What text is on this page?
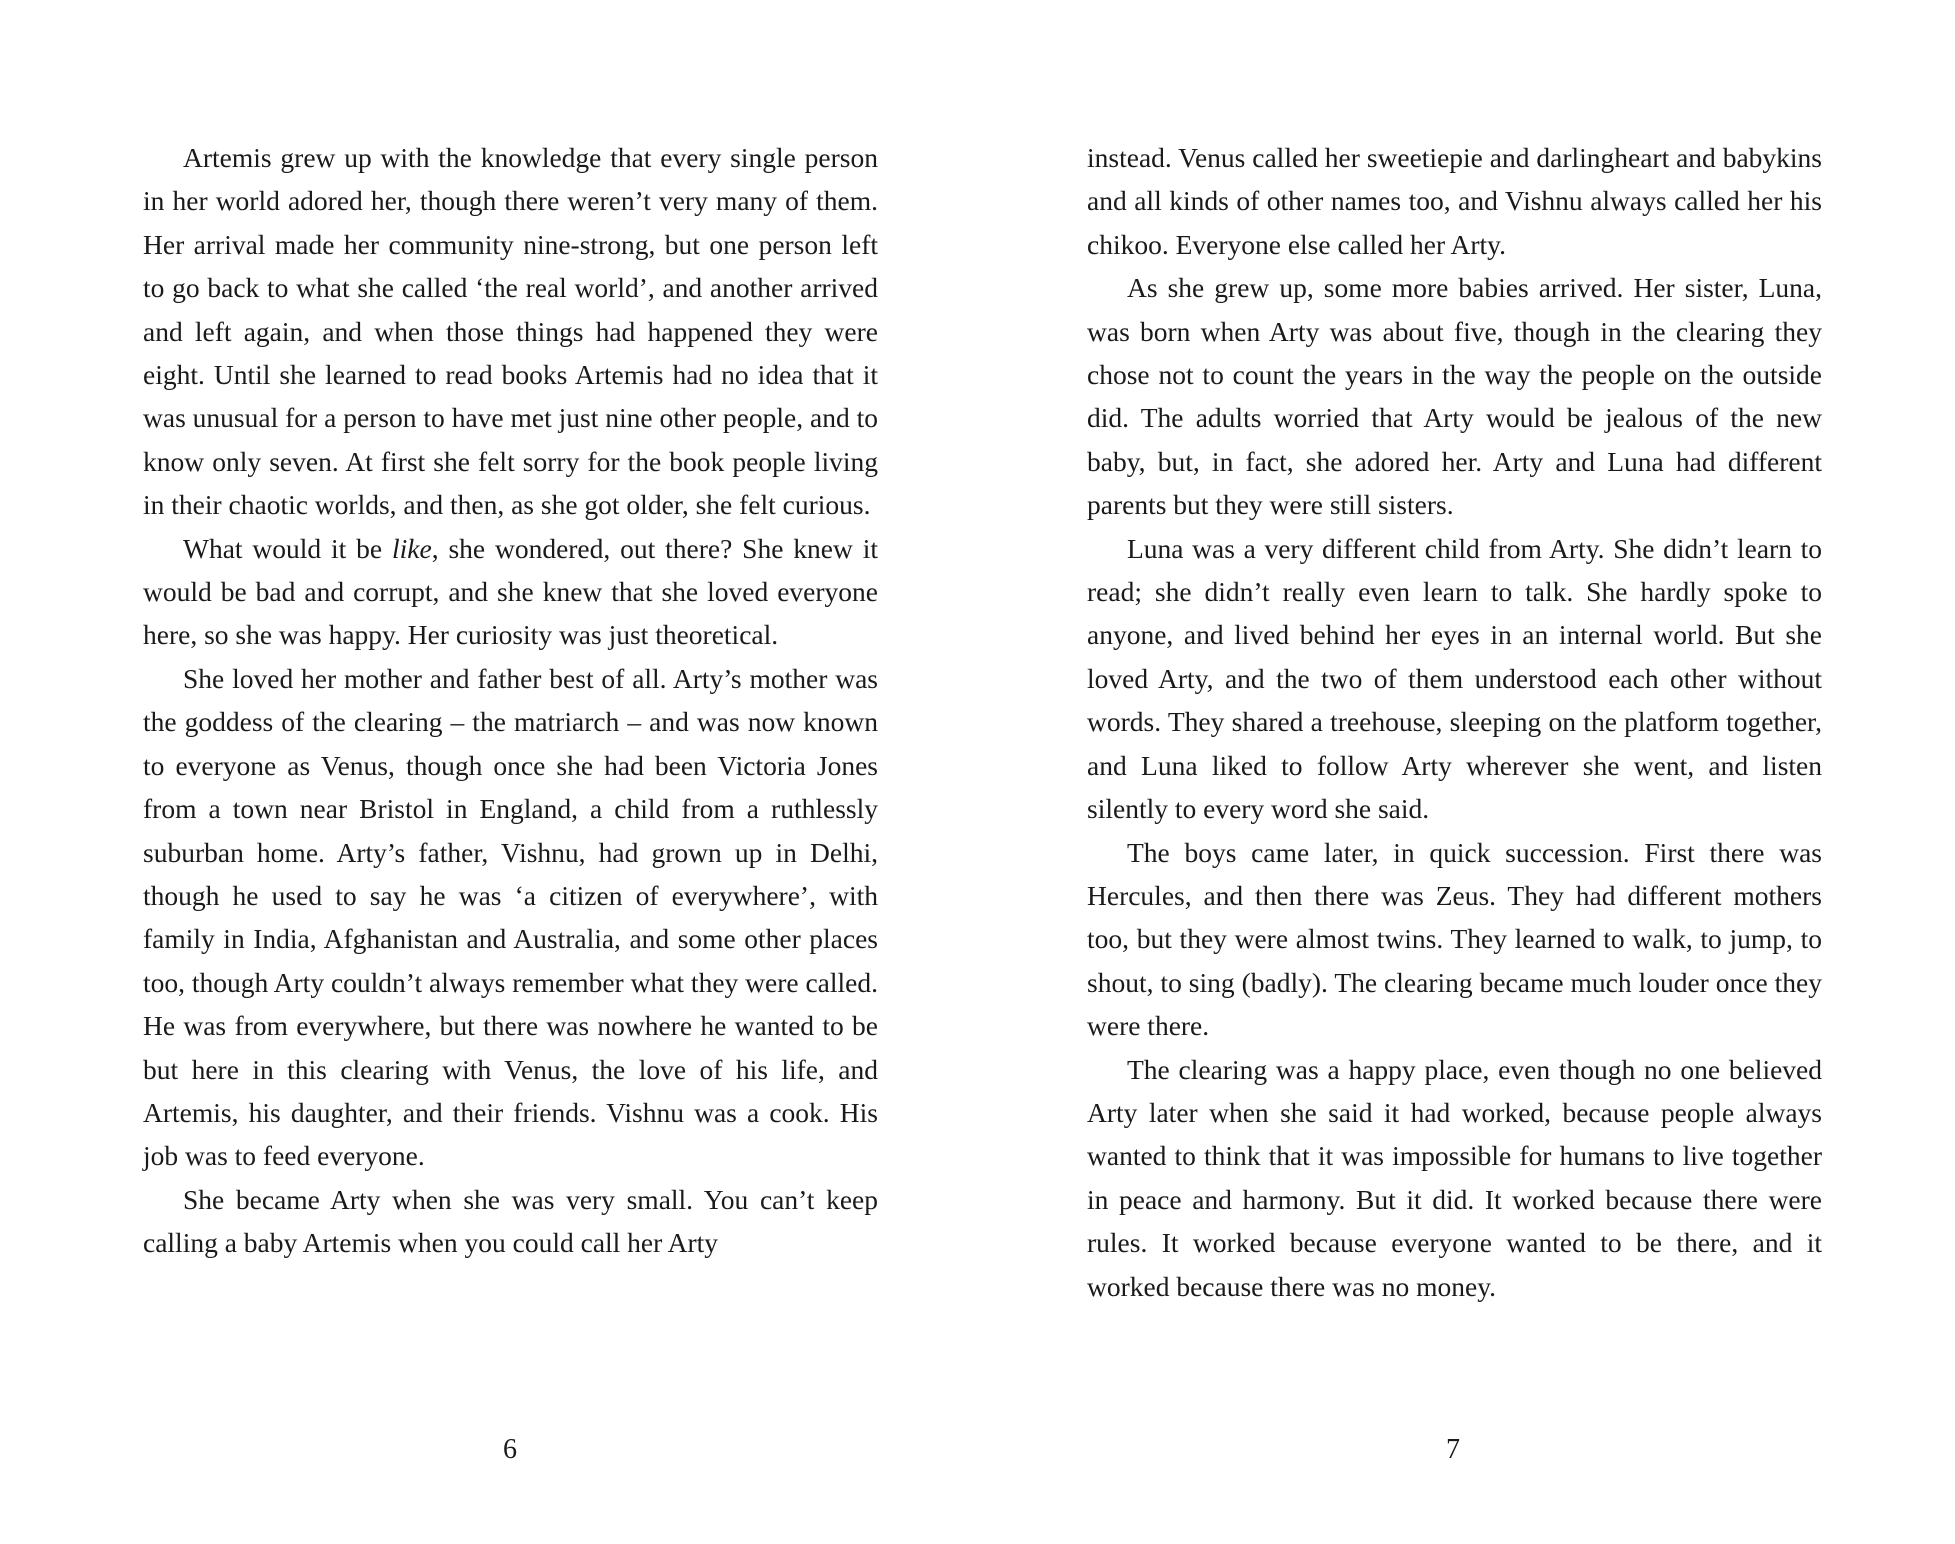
Artemis grew up with the knowledge that every single person in her world adored her, though there weren’t very many of them. Her arrival made her community nine-strong, but one person left to go back to what she called ‘the real world’, and another arrived and left again, and when those things had happened they were eight. Until she learned to read books Artemis had no idea that it was unusual for a person to have met just nine other people, and to know only seven. At first she felt sorry for the book people living in their chaotic worlds, and then, as she got older, she felt curious.

What would it be like, she wondered, out there? She knew it would be bad and corrupt, and she knew that she loved everyone here, so she was happy. Her curiosity was just theoretical.

She loved her mother and father best of all. Arty’s mother was the goddess of the clearing – the matriarch – and was now known to everyone as Venus, though once she had been Victoria Jones from a town near Bristol in England, a child from a ruthlessly suburban home. Arty’s father, Vishnu, had grown up in Delhi, though he used to say he was ‘a citizen of everywhere’, with family in India, Afghanistan and Australia, and some other places too, though Arty couldn’t always remember what they were called. He was from everywhere, but there was nowhere he wanted to be but here in this clearing with Venus, the love of his life, and Artemis, his daughter, and their friends. Vishnu was a cook. His job was to feed everyone.

She became Arty when she was very small. You can’t keep calling a baby Artemis when you could call her Arty

instead. Venus called her sweetiepie and darlingheart and babykins and all kinds of other names too, and Vishnu always called her his chikoo. Everyone else called her Arty.

As she grew up, some more babies arrived. Her sister, Luna, was born when Arty was about five, though in the clearing they chose not to count the years in the way the people on the outside did. The adults worried that Arty would be jealous of the new baby, but, in fact, she adored her. Arty and Luna had different parents but they were still sisters.

Luna was a very different child from Arty. She didn’t learn to read; she didn’t really even learn to talk. She hardly spoke to anyone, and lived behind her eyes in an internal world. But she loved Arty, and the two of them understood each other without words. They shared a treehouse, sleeping on the platform together, and Luna liked to follow Arty wherever she went, and listen silently to every word she said.

The boys came later, in quick succession. First there was Hercules, and then there was Zeus. They had different mothers too, but they were almost twins. They learned to walk, to jump, to shout, to sing (badly). The clearing became much louder once they were there.

The clearing was a happy place, even though no one believed Arty later when she said it had worked, because people always wanted to think that it was impossible for humans to live together in peace and harmony. But it did. It worked because there were rules. It worked because everyone wanted to be there, and it worked because there was no money.

6	7
